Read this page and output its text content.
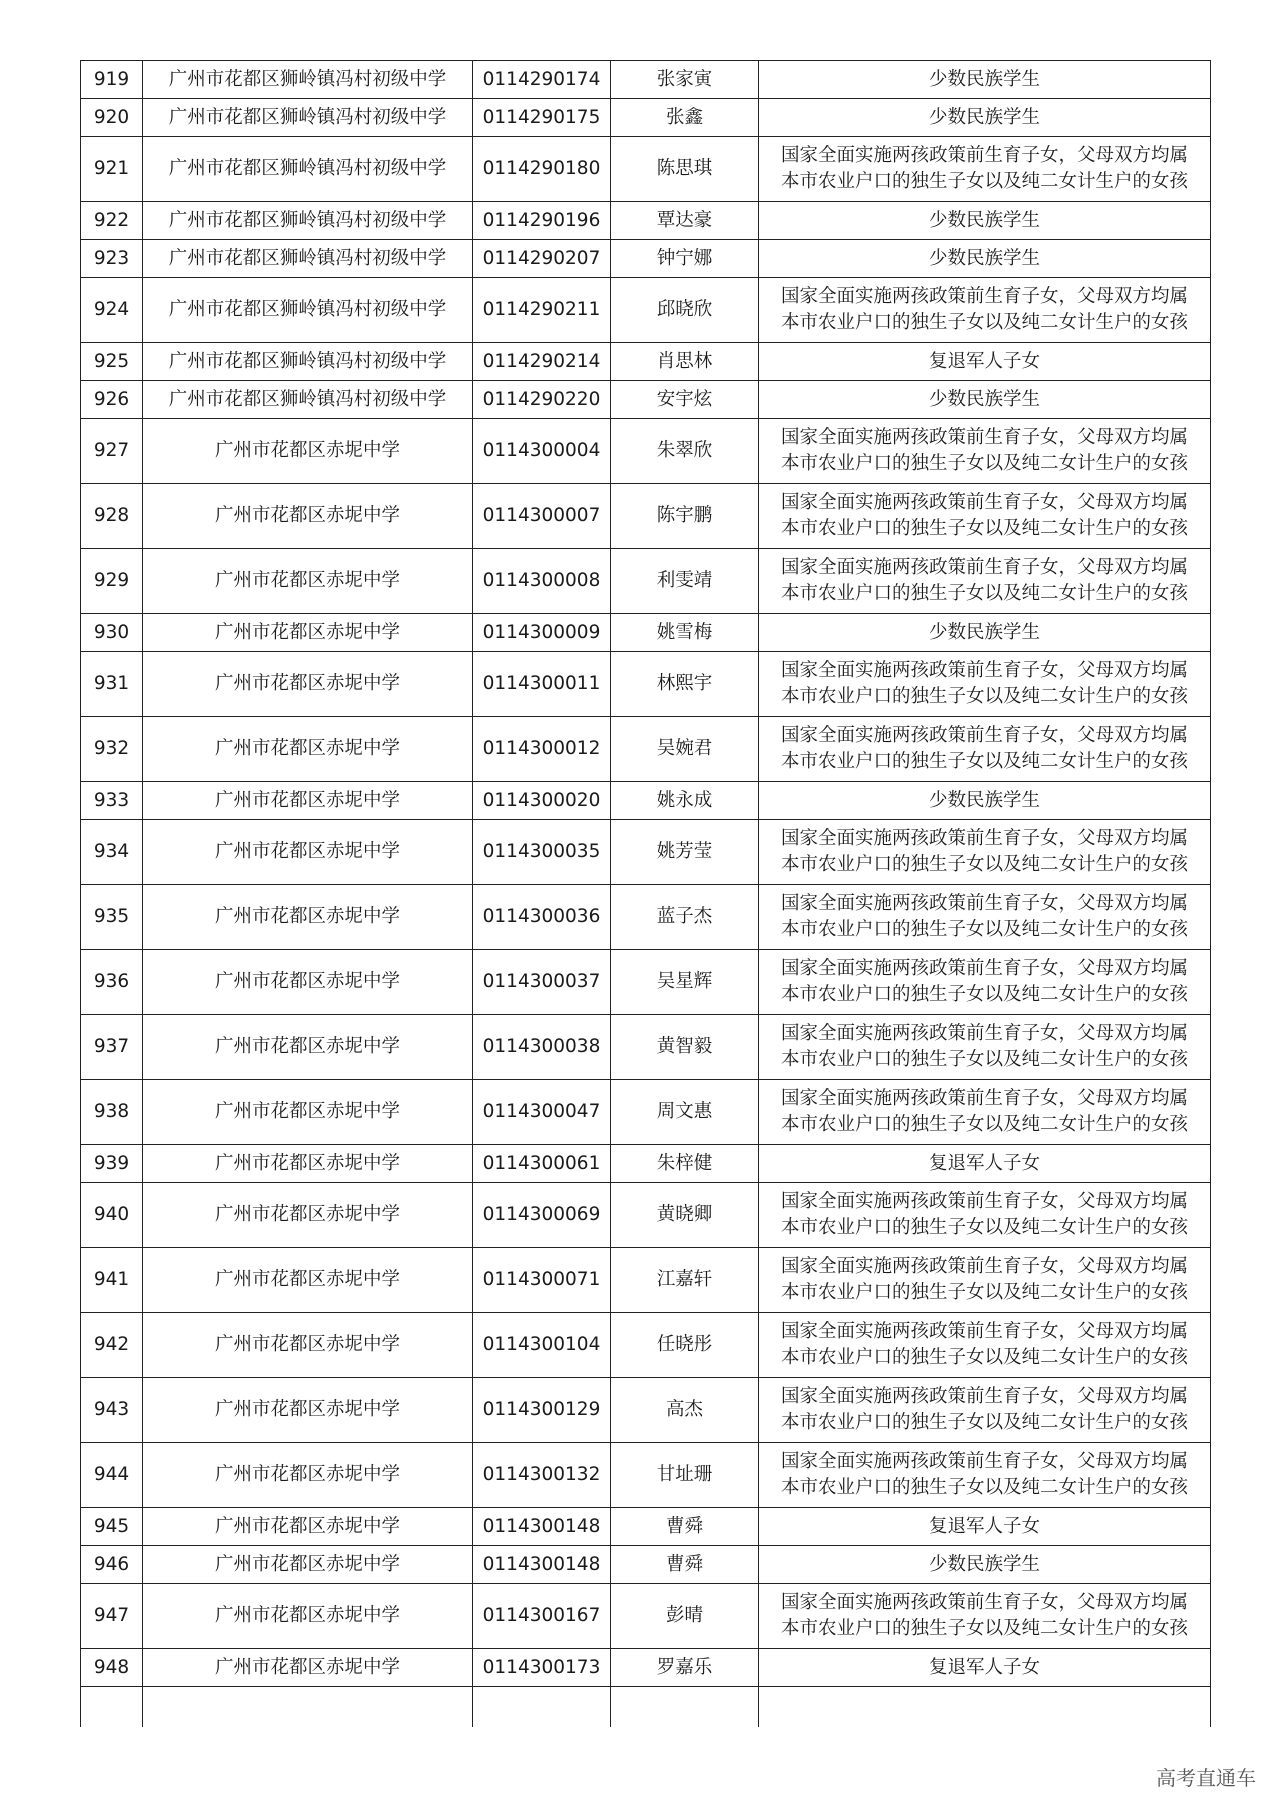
919	广州市花都区狮岭镇冯村初级中学	0114290174	张家寅	少数民族学生
920	广州市花都区狮岭镇冯村初级中学	0114290175	张鑫	少数民族学生
921	广州市花都区狮岭镇冯村初级中学	0114290180	陈思琪	国家全面实施两孩政策前生育子女，父母双方均属
本市农业户口的独生子女以及纯二女计生户的女孩

922	广州市花都区狮岭镇冯村初级中学	0114290196	覃达豪	少数民族学生
923	广州市花都区狮岭镇冯村初级中学	0114290207	钟宁娜	少数民族学生
924	广州市花都区狮岭镇冯村初级中学	0114290211	邱晓欣	国家全面实施两孩政策前生育子女，父母双方均属
本市农业户口的独生子女以及纯二女计生户的女孩

925	广州市花都区狮岭镇冯村初级中学	0114290214	肖思林	复退军人子女
926	广州市花都区狮岭镇冯村初级中学	0114290220	安宇炫	少数民族学生
927	广州市花都区赤坭中学	0114300004	朱翠欣	国家全面实施两孩政策前生育子女，父母双方均属
本市农业户口的独生子女以及纯二女计生户的女孩

928	广州市花都区赤坭中学	0114300007	陈宇鹏	国家全面实施两孩政策前生育子女，父母双方均属
本市农业户口的独生子女以及纯二女计生户的女孩

929	广州市花都区赤坭中学	0114300008	利雯靖	国家全面实施两孩政策前生育子女，父母双方均属
本市农业户口的独生子女以及纯二女计生户的女孩

930	广州市花都区赤坭中学	0114300009	姚雪梅	少数民族学生
931	广州市花都区赤坭中学	0114300011	林熙宇	国家全面实施两孩政策前生育子女，父母双方均属
本市农业户口的独生子女以及纯二女计生户的女孩

932	广州市花都区赤坭中学	0114300012	吴婉君	国家全面实施两孩政策前生育子女，父母双方均属
本市农业户口的独生子女以及纯二女计生户的女孩

933	广州市花都区赤坭中学	0114300020	姚永成	少数民族学生
934	广州市花都区赤坭中学	0114300035	姚芳莹	国家全面实施两孩政策前生育子女，父母双方均属
本市农业户口的独生子女以及纯二女计生户的女孩

935	广州市花都区赤坭中学	0114300036	蓝子杰	国家全面实施两孩政策前生育子女，父母双方均属
本市农业户口的独生子女以及纯二女计生户的女孩

936	广州市花都区赤坭中学	0114300037	吴星辉	国家全面实施两孩政策前生育子女，父母双方均属
本市农业户口的独生子女以及纯二女计生户的女孩

937	广州市花都区赤坭中学	0114300038	黄智毅	国家全面实施两孩政策前生育子女，父母双方均属
本市农业户口的独生子女以及纯二女计生户的女孩

938	广州市花都区赤坭中学	0114300047	周文惠	国家全面实施两孩政策前生育子女，父母双方均属
本市农业户口的独生子女以及纯二女计生户的女孩

939	广州市花都区赤坭中学	0114300061	朱梓健	复退军人子女
940	广州市花都区赤坭中学	0114300069	黄晓卿	国家全面实施两孩政策前生育子女，父母双方均属
本市农业户口的独生子女以及纯二女计生户的女孩

941	广州市花都区赤坭中学	0114300071	江嘉轩	国家全面实施两孩政策前生育子女，父母双方均属
本市农业户口的独生子女以及纯二女计生户的女孩

942	广州市花都区赤坭中学	0114300104	任晓彤	国家全面实施两孩政策前生育子女，父母双方均属
本市农业户口的独生子女以及纯二女计生户的女孩

943	广州市花都区赤坭中学	0114300129	高杰	国家全面实施两孩政策前生育子女，父母双方均属
本市农业户口的独生子女以及纯二女计生户的女孩

944	广州市花都区赤坭中学	0114300132	甘址珊	国家全面实施两孩政策前生育子女，父母双方均属
本市农业户口的独生子女以及纯二女计生户的女孩

945	广州市花都区赤坭中学	0114300148	曹舜	复退军人子女
946	广州市花都区赤坭中学	0114300148	曹舜	少数民族学生
947	广州市花都区赤坭中学	0114300167	彭晴	国家全面实施两孩政策前生育子女，父母双方均属
本市农业户口的独生子女以及纯二女计生户的女孩

948	广州市花都区赤坭中学	0114300173	罗嘉乐	复退军人子女

高考直通车
